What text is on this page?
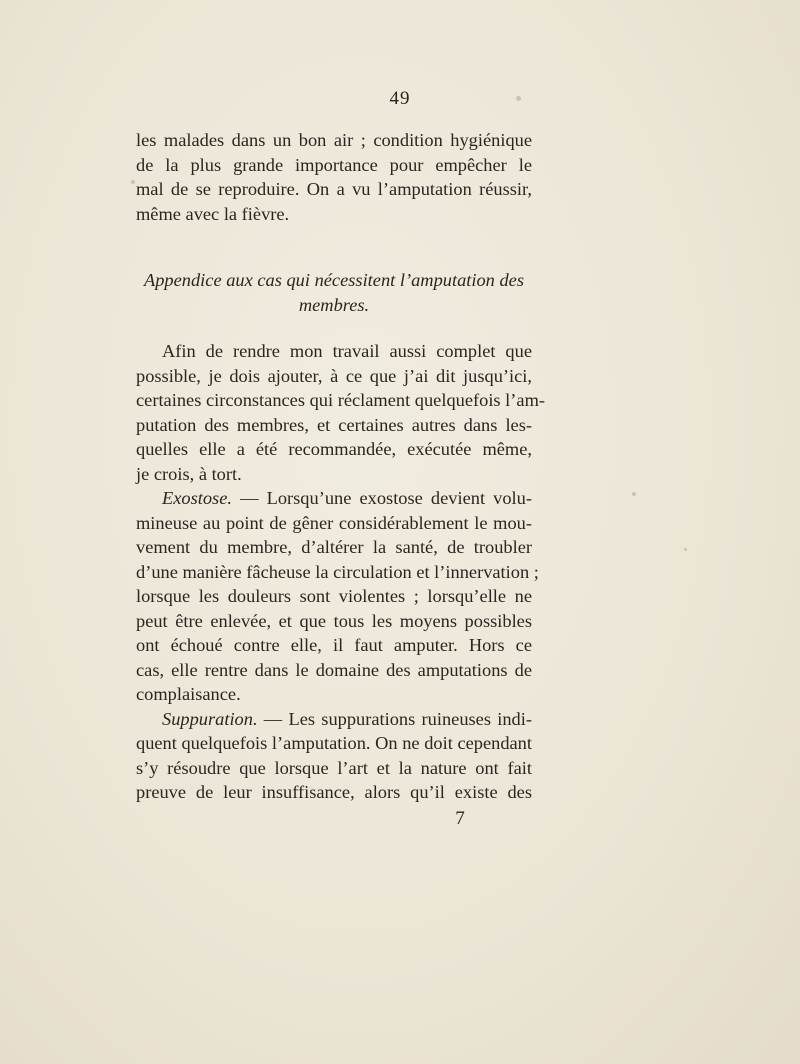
49
les malades dans un bon air ; condition hygiénique
de la plus grande importance pour empêcher le
mal de se reproduire. On a vu l’amputation réussir,
même avec la fièvre.
Appendice aux cas qui nécessitent l’amputation des
membres.
Afin de rendre mon travail aussi complet que
possible, je dois ajouter, à ce que j’ai dit jusqu’ici,
certaines circonstances qui réclament quelquefois l’am-
putation des membres, et certaines autres dans les-
quelles elle a été recommandée, exécutée même,
je crois, à tort.
Exostose. — Lorsqu’une exostose devient volu-
mineuse au point de gêner considérablement le mou-
vement du membre, d’altérer la santé, de troubler
d’une manière fâcheuse la circulation et l’innervation ;
lorsque les douleurs sont violentes ; lorsqu’elle ne
peut être enlevée, et que tous les moyens possibles
ont échoué contre elle, il faut amputer. Hors ce
cas, elle rentre dans le domaine des amputations de
complaisance.
Suppuration. — Les suppurations ruineuses indi-
quent quelquefois l’amputation. On ne doit cependant
s’y résoudre que lorsque l’art et la nature ont fait
preuve de leur insuffisance, alors qu’il existe des
7
